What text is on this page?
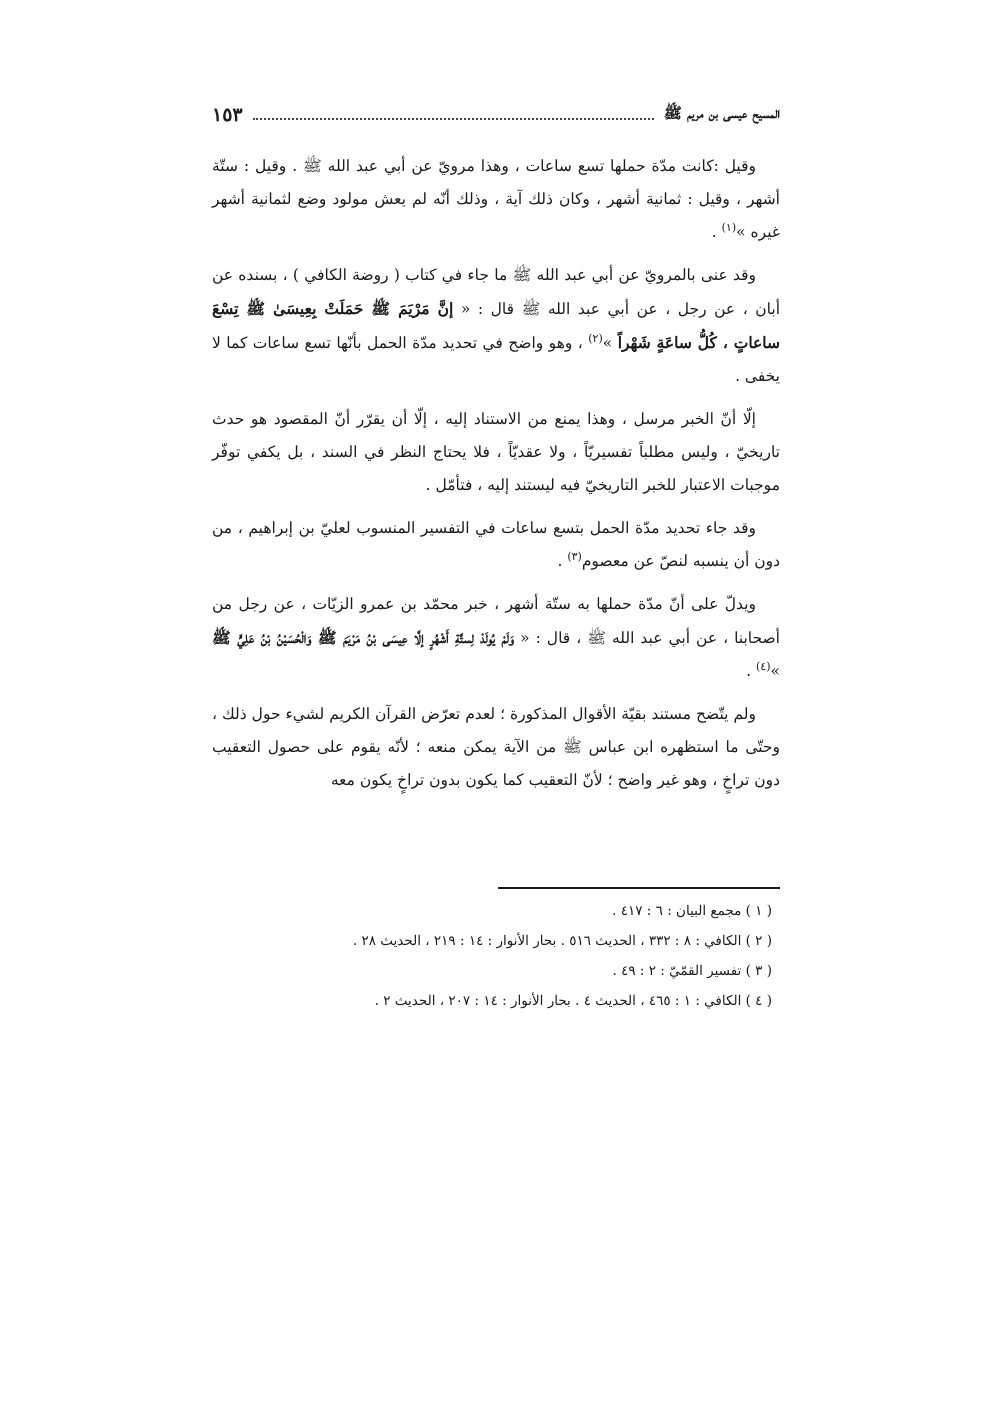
المسيح عيسى بن مريم ﷺ
١٥٣

وقيل :كانت مدّة حملها تسع ساعات ، وهذا مرويّ عن أبي عبد الله ﷺ . وقيل : ستّة أشهر ، وقيل : ثمانية أشهر ، وكان ذلك آية ، وذلك أنّه لم يعش مولود وضع لثمانية أشهر غيره »$^{(١)}$ .

وقد عنى بالمرويّ عن أبي عبد الله ﷺ ما جاء في كتاب ( روضة الكافي ) ، بسنده عن أبان ، عن رجل ، عن أبي عبد الله ﷺ قال : « إنَّ مَرْيَمَ ﷺ حَمَلَتْ بِعِيسَىٰ ﷺ تِسْعَ ساعاتٍ ، كُلُّ ساعَةٍ شَهْراً »$^{(٢)}$ ، وهو واضح في تحديد مدّة الحمل بأنّها تسع ساعات كما لا يخفى .

إلّا أنّ الخبر مرسل ، وهذا يمنع من الاستناد إليه ، إلّا أن يقرّر أنّ المقصود هو حدث تاريخيّ ، وليس مطلباً تفسيريّاً ، ولا عقديّاً ، فلا يحتاج النظر في السند ، بل يكفي توفّر موجبات الاعتبار للخبر التاريخيّ فيه ليستند إليه ، فتأمّل .

وقد جاء تحديد مدّة الحمل بتسع ساعات في التفسير المنسوب لعليّ بن إبراهيم ، من دون أن ينسبه لنصّ عن معصوم$^{(٣)}$ .

ويدلّ على أنّ مدّة حملها به ستّة أشهر ، خبر محمّد بن عمرو الزيّات ، عن رجل من أصحابنا ، عن أبي عبد الله ﷺ ، قال : « وَلَمْ يُولَدْ لِستَّةِ أَشْهُرٍ إلَّا عِيسَى بْنُ مَرْيَمَ ﷺ وَالْحُسَيْنُ بْنُ عَلِيٍّ ﷺ »$^{(٤)}$ .

ولم يتّضح مستند بقيّة الأقوال المذكورة ؛ لعدم تعرّض القرآن الكريم لشيء حول ذلك ، وحتّى ما استظهره ابن عباس ﷺ من الآية يمكن منعه ؛ لأنّه يقوم على حصول التعقيب دون تراخٍ ، وهو غير واضح ؛ لأنّ التعقيب كما يكون بدون تراخٍ يكون معه

( ١ ) مجمع البيان : ٦ : ٤١٧ .
( ٢ ) الكافي : ٨ : ٣٣٢ ، الحديث ٥١٦ . بحار الأنوار : ١٤ : ٢١٩ ، الحديث ٢٨ .
( ٣ ) تفسير القمّيّ : ٢ : ٤٩ .
( ٤ ) الكافي : ١ : ٤٦٥ ، الحديث ٤ . بحار الأنوار : ١٤ : ٢٠٧ ، الحديث ٢ .
